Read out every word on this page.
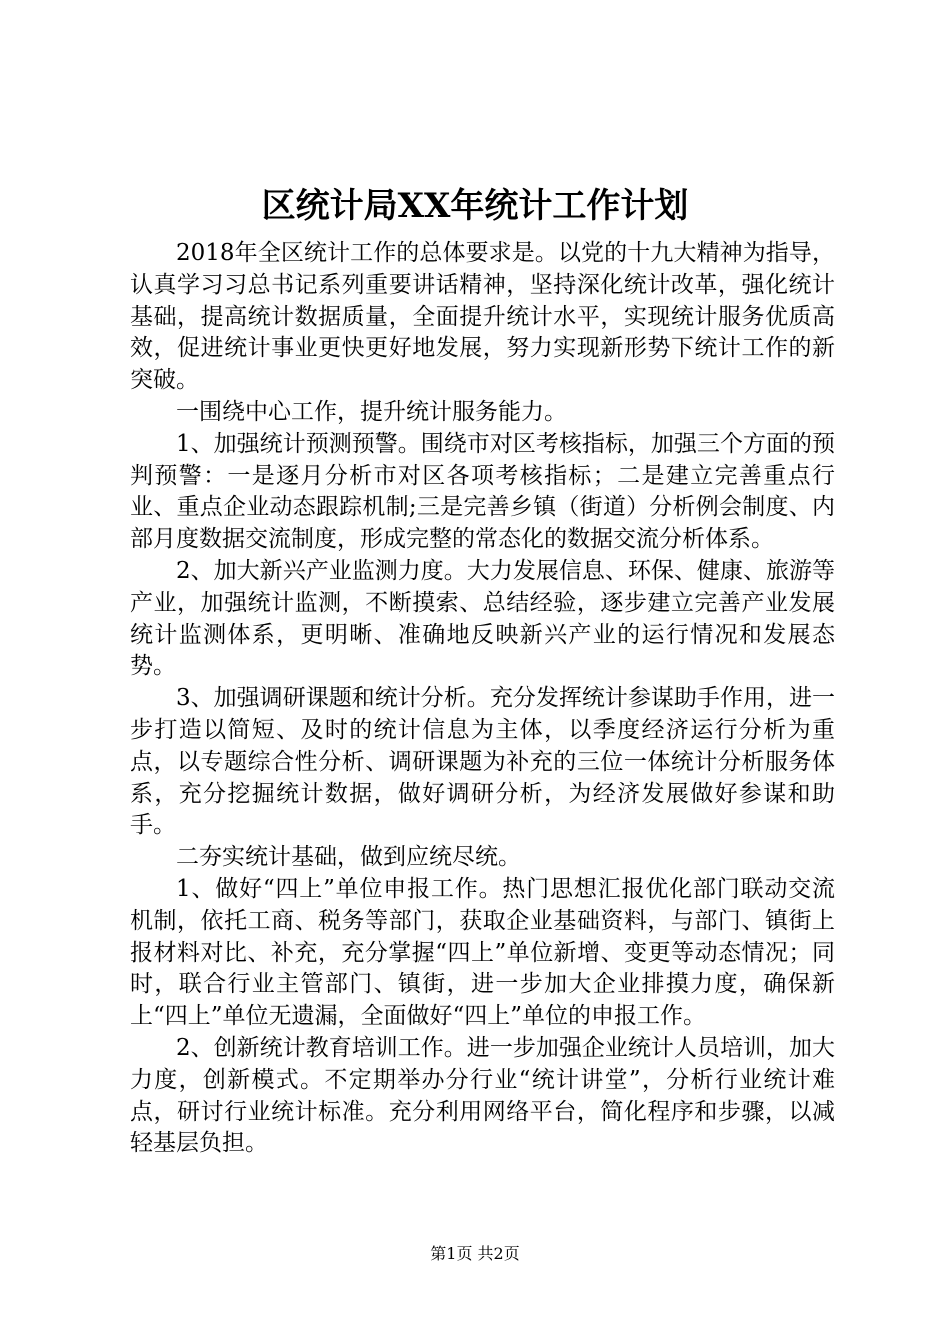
区统计局XX年统计工作计划

2018年全区统计工作的总体要求是。以党的十九大精神为指导，认真学习习总书记系列重要讲话精神，坚持深化统计改革，强化统计基础，提高统计数据质量，全面提升统计水平，实现统计服务优质高效，促进统计事业更快更好地发展，努力实现新形势下统计工作的新突破。

一围绕中心工作，提升统计服务能力。

1、加强统计预测预警。围绕市对区考核指标，加强三个方面的预判预警：一是逐月分析市对区各项考核指标；二是建立完善重点行业、重点企业动态跟踪机制;三是完善乡镇（街道）分析例会制度、内部月度数据交流制度，形成完整的常态化的数据交流分析体系。

2、加大新兴产业监测力度。大力发展信息、环保、健康、旅游等产业，加强统计监测，不断摸索、总结经验，逐步建立完善产业发展统计监测体系，更明晰、准确地反映新兴产业的运行情况和发展态势。

3、加强调研课题和统计分析。充分发挥统计参谋助手作用，进一步打造以简短、及时的统计信息为主体，以季度经济运行分析为重点，以专题综合性分析、调研课题为补充的三位一体统计分析服务体系，充分挖掘统计数据，做好调研分析，为经济发展做好参谋和助手。

二夯实统计基础，做到应统尽统。

1、做好“四上”单位申报工作。热门思想汇报优化部门联动交流机制，依托工商、税务等部门，获取企业基础资料，与部门、镇街上报材料对比、补充，充分掌握“四上”单位新增、变更等动态情况；同时，联合行业主管部门、镇街，进一步加大企业排摸力度，确保新上“四上”单位无遗漏，全面做好“四上”单位的申报工作。

2、创新统计教育培训工作。进一步加强企业统计人员培训，加大力度，创新模式。不定期举办分行业“统计讲堂”，分析行业统计难点，研讨行业统计标准。充分利用网络平台，简化程序和步骤，以减轻基层负担。

第1页 共2页
